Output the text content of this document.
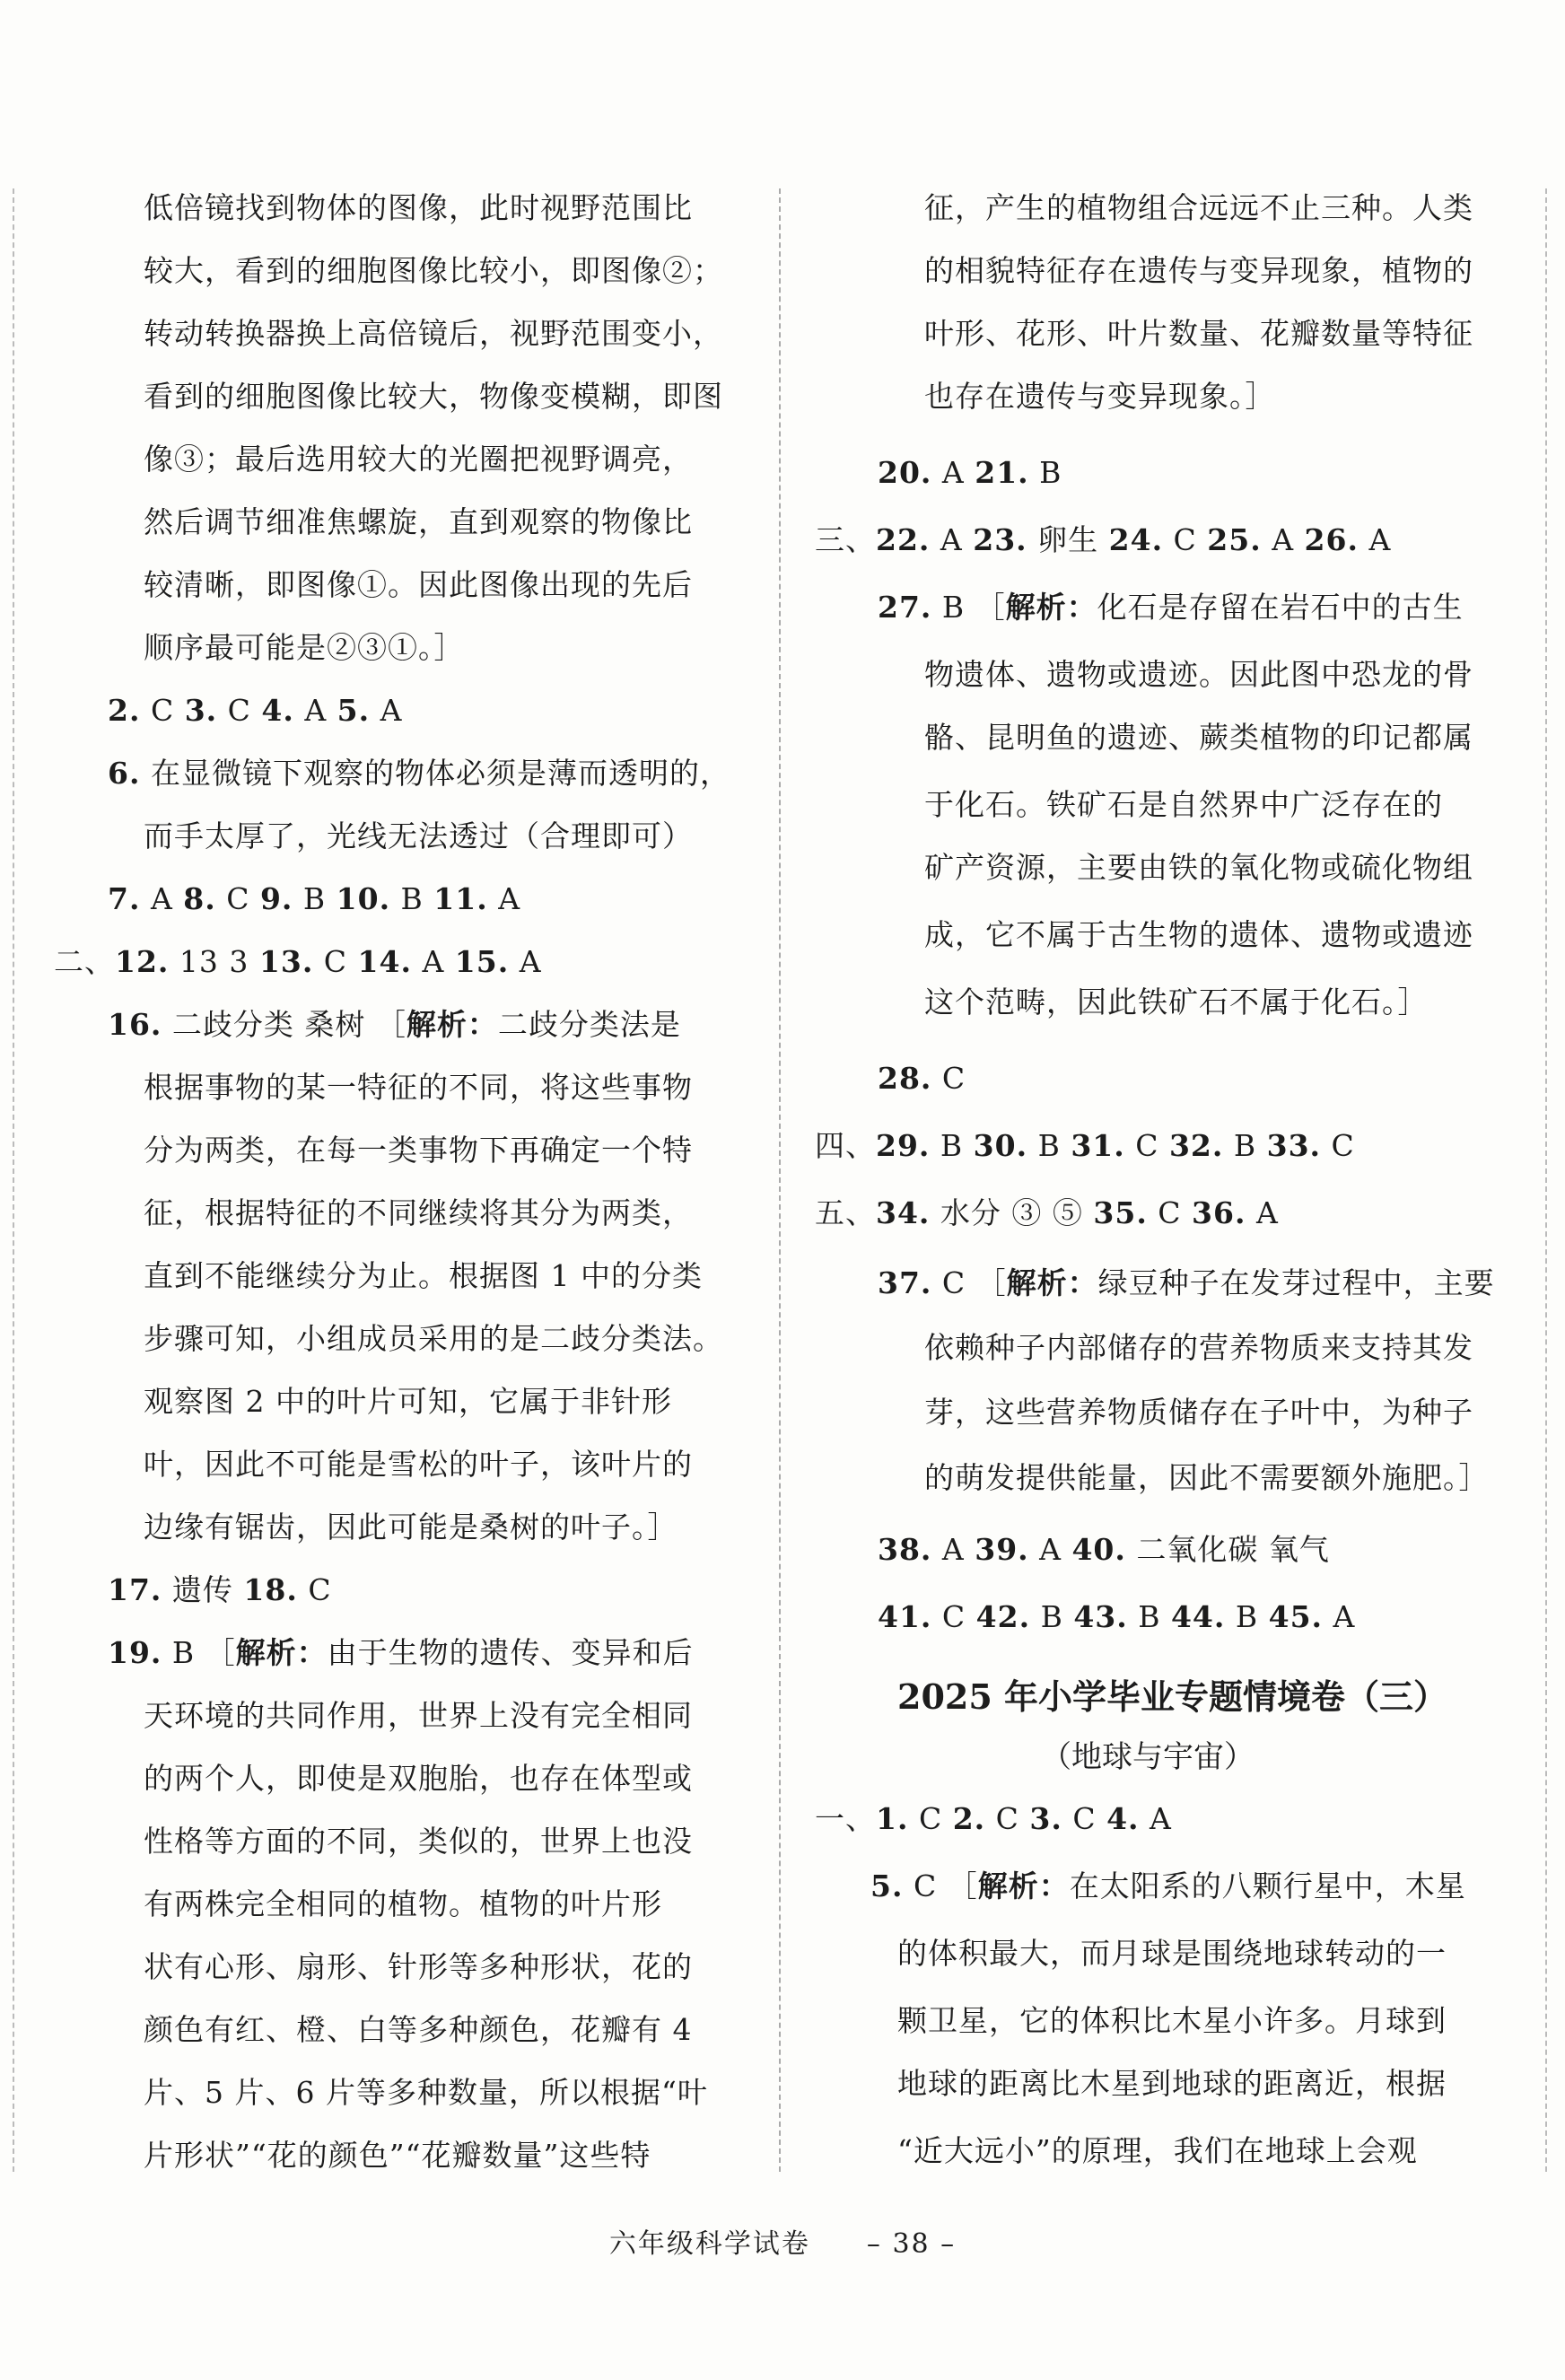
2025 年小学毕业专题情境卷（三）
（地球与宇宙）
六年级科学试卷 – 38 –
低倍镜找到物体的图像，此时视野范围比
较大，看到的细胞图像比较小，即图像②；
转动转换器换上高倍镜后，视野范围变小，
看到的细胞图像比较大，物像变模糊，即图
像③；最后选用较大的光圈把视野调亮，
然后调节细准焦螺旋，直到观察的物像比
较清晰，即图像①。因此图像出现的先后
顺序最可能是②③①。］
2. C 3. C 4. A 5. A
6. 在显微镜下观察的物体必须是薄而透明的，
而手太厚了，光线无法透过（合理即可）
7. A 8. C 9. B 10. B 11. A
二、12. 13 3 13. C 14. A 15. A
16. 二歧分类 桑树 ［解析：二歧分类法是
根据事物的某一特征的不同，将这些事物
分为两类，在每一类事物下再确定一个特
征，根据特征的不同继续将其分为两类，
直到不能继续分为止。根据图 1 中的分类
步骤可知，小组成员采用的是二歧分类法。
观察图 2 中的叶片可知，它属于非针形
叶，因此不可能是雪松的叶子，该叶片的
边缘有锯齿，因此可能是桑树的叶子。］
17. 遗传 18. C
19. B ［解析：由于生物的遗传、变异和后
天环境的共同作用，世界上没有完全相同
的两个人，即使是双胞胎，也存在体型或
性格等方面的不同，类似的，世界上也没
有两株完全相同的植物。植物的叶片形
状有心形、扇形、针形等多种形状，花的
颜色有红、橙、白等多种颜色，花瓣有 4
片、5 片、6 片等多种数量，所以根据“叶
片形状”“花的颜色”“花瓣数量”这些特
征，产生的植物组合远远不止三种。人类
的相貌特征存在遗传与变异现象，植物的
叶形、花形、叶片数量、花瓣数量等特征
也存在遗传与变异现象。］
20. A 21. B
三、22. A 23. 卵生 24. C 25. A 26. A
27. B ［解析：化石是存留在岩石中的古生
物遗体、遗物或遗迹。因此图中恐龙的骨
骼、昆明鱼的遗迹、蕨类植物的印记都属
于化石。铁矿石是自然界中广泛存在的
矿产资源，主要由铁的氧化物或硫化物组
成，它不属于古生物的遗体、遗物或遗迹
这个范畴，因此铁矿石不属于化石。］
28. C
四、29. B 30. B 31. C 32. B 33. C
五、34. 水分 ③ ⑤ 35. C 36. A
37. C ［解析：绿豆种子在发芽过程中，主要
依赖种子内部储存的营养物质来支持其发
芽，这些营养物质储存在子叶中，为种子
的萌发提供能量，因此不需要额外施肥。］
38. A 39. A 40. 二氧化碳 氧气
41. C 42. B 43. B 44. B 45. A
一、1. C 2. C 3. C 4. A
5. C ［解析：在太阳系的八颗行星中，木星
的体积最大，而月球是围绕地球转动的一
颗卫星，它的体积比木星小许多。月球到
地球的距离比木星到地球的距离近，根据
“近大远小”的原理，我们在地球上会观
